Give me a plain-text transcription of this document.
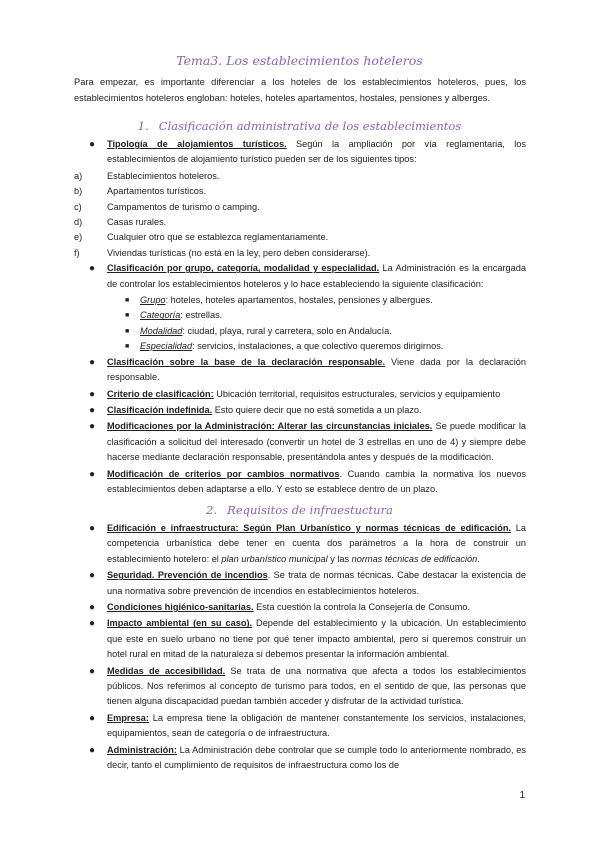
Tema3. Los establecimientos hoteleros
Para empezar, es importante diferenciar a los hoteles de los establecimientos hoteleros, pues, los establecimientos hoteleros engloban: hoteles, hoteles apartamentos, hostales, pensiones y alberges.
1. Clasificación administrativa de los establecimientos
● Tipología de alojamientos turísticos. Según la ampliación por vía reglamentaria, los establecimientos de alojamiento turístico pueden ser de los siguientes tipos:
a)	Establecimientos hoteleros.
b)	Apartamentos turísticos.
c)	Campamentos de turismo o camping.
d)	Casas rurales.
e)	Cualquier otro que se establezca reglamentariamente.
f)	Viviendas turísticas (no está en la ley, pero deben considerarse).
● Clasificación por grupo, categoría, modalidad y especialidad. La Administración es la encargada de controlar los establecimientos hoteleros y lo hace estableciendo la siguiente clasificación:
■ Grupo: hoteles, hoteles apartamentos, hostales, pensiones y albergues.
■ Categoría: estrellas.
■ Modalidad: ciudad, playa, rural y carretera, solo en Andalucía.
■ Especialidad: servicios, instalaciones, a que colectivo queremos dirigirnos.
● Clasificación sobre la base de la declaración responsable. Viene dada por la declaración responsable.
● Criterio de clasificación: Ubicación territorial, requisitos estructurales, servicios y equipamiento
● Clasificación indefinida. Esto quiere decir que no está sometida a un plazo.
● Modificaciones por la Administración: Alterar las circunstancias iniciales. Se puede modificar la clasificación a solicitud del interesado (convertir un hotel de 3 estrellas en uno de 4) y siempre debe hacerse mediante declaración responsable, presentándola antes y después de la modificación.
● Modificación de criterios por cambios normativos. Cuando cambia la normativa los nuevos establecimientos deben adaptarse a ello. Y esto se establece dentro de un plazo.
2. Requisitos de infraestuctura
● Edificación e infraestructura: Según Plan Urbanístico y normas técnicas de edificación. La competencia urbanística debe tener en cuenta dos parámetros a la hora de construir un establecimiento hotelero: el plan urbanístico municipal y las normas técnicas de edificación.
● Seguridad. Prevención de incendios. Se trata de normas técnicas. Cabe destacar la existencia de una normativa sobre prevención de incendios en establecimientos hoteleros.
● Condiciones higiénico-sanitarias. Esta cuestión la controla la Consejería de Consumo.
● Impacto ambiental (en su caso). Depende del establecimiento y la ubicación. Un establecimiento que este en suelo urbano no tiene por qué tener impacto ambiental, pero si queremos construir un hotel rural en mitad de la naturaleza si debemos presentar la información ambiental.
● Medidas de accesibilidad. Se trata de una normativa que afecta a todos los establecimientos públicos. Nos referimos al concepto de turismo para todos, en el sentido de que, las personas que tienen alguna discapacidad puedan también acceder y disfrutar de la actividad turística.
● Empresa: La empresa tiene la obligación de mantener constantemente los servicios, instalaciones, equipamientos, sean de categoría o de infraestructura.
● Administración: La Administración debe controlar que se cumple todo lo anteriormente nombrado, es decir, tanto el cumplimiento de requisitos de infraestructura como los de
1
